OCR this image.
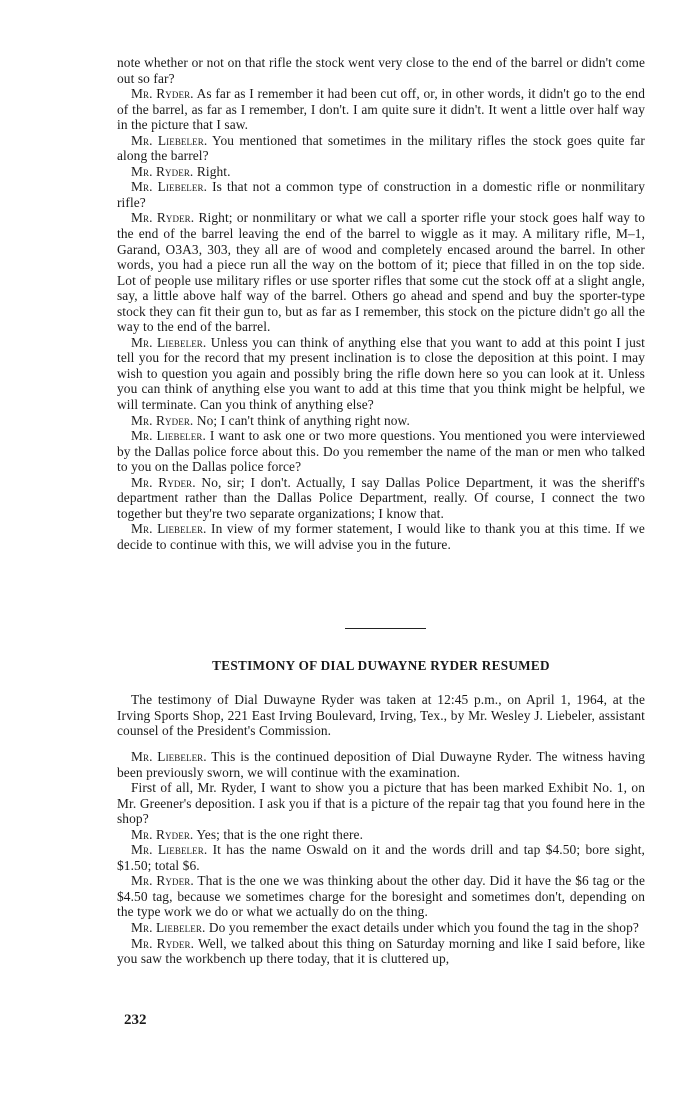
note whether or not on that rifle the stock went very close to the end of the barrel or didn't come out so far?

Mr. Ryder. As far as I remember it had been cut off, or, in other words, it didn't go to the end of the barrel, as far as I remember, I don't. I am quite sure it didn't. It went a little over half way in the picture that I saw.

Mr. Liebeler. You mentioned that sometimes in the military rifles the stock goes quite far along the barrel?

Mr. Ryder. Right.

Mr. Liebeler. Is that not a common type of construction in a domestic rifle or nonmilitary rifle?

Mr. Ryder. Right; or nonmilitary or what we call a sporter rifle your stock goes half way to the end of the barrel leaving the end of the barrel to wiggle as it may. A military rifle, M–1, Garand, O3A3, 303, they all are of wood and completely encased around the barrel. In other words, you had a piece run all the way on the bottom of it; piece that filled in on the top side. Lot of people use military rifles or use sporter rifles that some cut the stock off at a slight angle, say, a little above half way of the barrel. Others go ahead and spend and buy the sporter-type stock they can fit their gun to, but as far as I remember, this stock on the picture didn't go all the way to the end of the barrel.

Mr. Liebeler. Unless you can think of anything else that you want to add at this point I just tell you for the record that my present inclination is to close the deposition at this point. I may wish to question you again and possibly bring the rifle down here so you can look at it. Unless you can think of anything else you want to add at this time that you think might be helpful, we will terminate. Can you think of anything else?

Mr. Ryder. No; I can't think of anything right now.

Mr. Liebeler. I want to ask one or two more questions. You mentioned you were interviewed by the Dallas police force about this. Do you remember the name of the man or men who talked to you on the Dallas police force?

Mr. Ryder. No, sir; I don't. Actually, I say Dallas Police Department, it was the sheriff's department rather than the Dallas Police Department, really. Of course, I connect the two together but they're two separate organizations; I know that.

Mr. Liebeler. In view of my former statement, I would like to thank you at this time. If we decide to continue with this, we will advise you in the future.

TESTIMONY OF DIAL DUWAYNE RYDER RESUMED

The testimony of Dial Duwayne Ryder was taken at 12:45 p.m., on April 1, 1964, at the Irving Sports Shop, 221 East Irving Boulevard, Irving, Tex., by Mr. Wesley J. Liebeler, assistant counsel of the President's Commission.

Mr. Liebeler. This is the continued deposition of Dial Duwayne Ryder. The witness having been previously sworn, we will continue with the examination.

First of all, Mr. Ryder, I want to show you a picture that has been marked Exhibit No. 1, on Mr. Greener's deposition. I ask you if that is a picture of the repair tag that you found here in the shop?

Mr. Ryder. Yes; that is the one right there.

Mr. Liebeler. It has the name Oswald on it and the words drill and tap $4.50; bore sight, $1.50; total $6.

Mr. Ryder. That is the one we was thinking about the other day. Did it have the $6 tag or the $4.50 tag, because we sometimes charge for the boresight and sometimes don't, depending on the type work we do or what we actually do on the thing.

Mr. Liebeler. Do you remember the exact details under which you found the tag in the shop?

Mr. Ryder. Well, we talked about this thing on Saturday morning and like I said before, like you saw the workbench up there today, that it is cluttered up,

232
